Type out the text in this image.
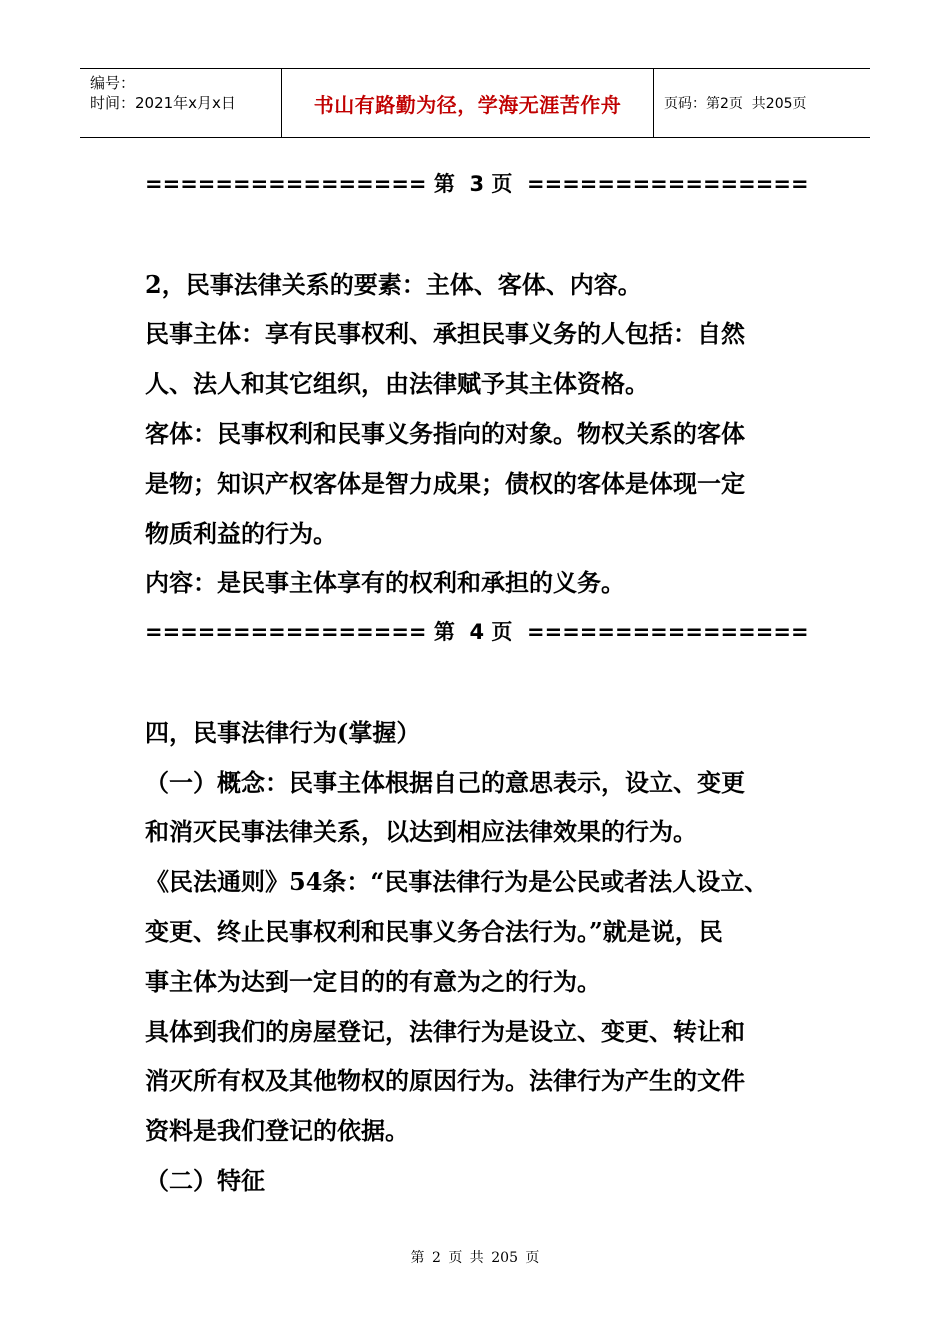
编号：
时间：2021年x月x日	书山有路勤为径，学海无涯苦作舟	页码：第2页  共205页
================ 第  3 页  ================
2，民事法律关系的要素：主体、客体、内容。
民事主体：享有民事权利、承担民事义务的人包括：自然
人、法人和其它组织，由法律赋予其主体资格。
客体：民事权利和民事义务指向的对象。物权关系的客体
是物；知识产权客体是智力成果；债权的客体是体现一定
物质利益的行为。
内容：是民事主体享有的权利和承担的义务。
================ 第  4 页  ================
四，民事法律行为(掌握）
（一）概念：民事主体根据自己的意思表示，设立、变更
和消灭民事法律关系，以达到相应法律效果的行为。
《民法通则》54条：“民事法律行为是公民或者法人设立、
变更、终止民事权利和民事义务合法行为。”就是说，民
事主体为达到一定目的的有意为之的行为。
具体到我们的房屋登记，法律行为是设立、变更、转让和
消灭所有权及其他物权的原因行为。法律行为产生的文件
资料是我们登记的依据。
（二）特征
第 2 页 共 205 页
